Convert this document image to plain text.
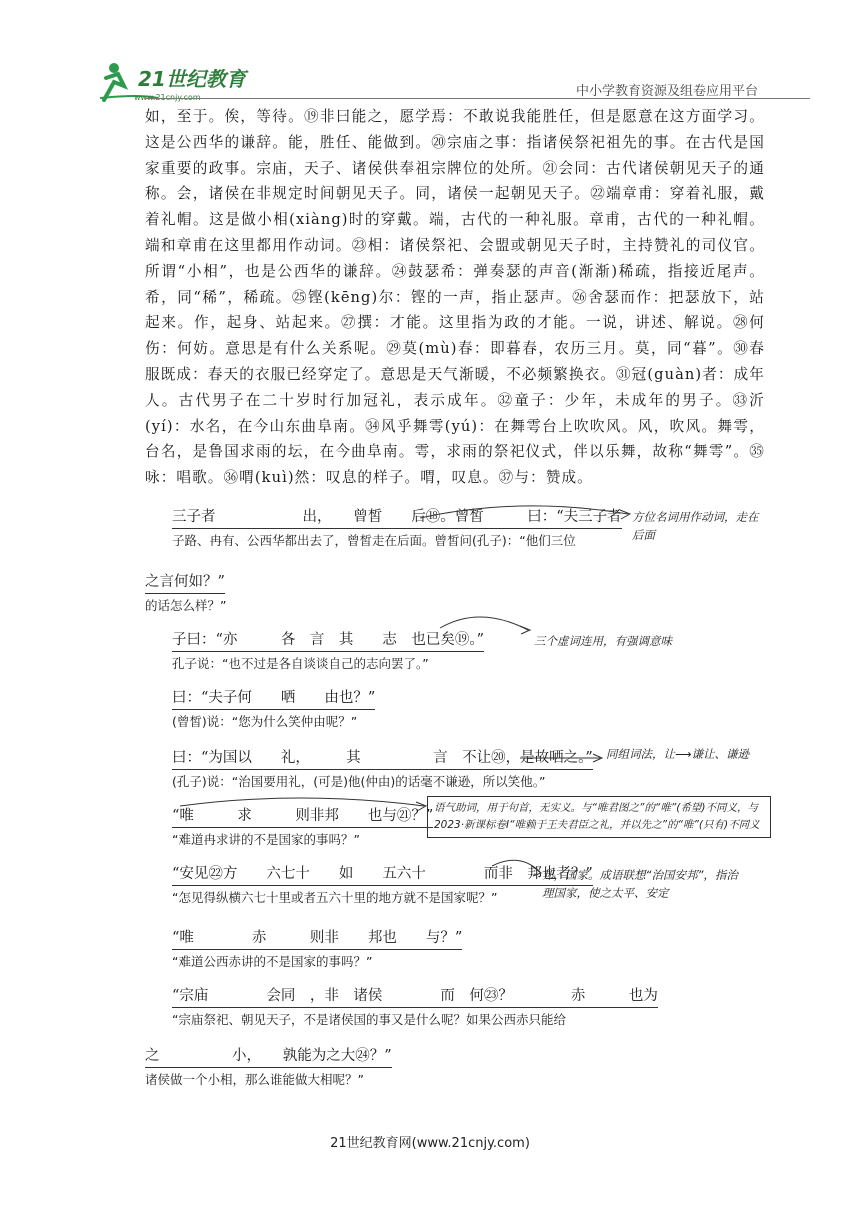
21世纪教育
www.21cnjy.com	中小学教育资源及组卷应用平台

如，至于。俟，等待。⑲非曰能之，愿学焉：不敢说我能胜任，但是愿意在这方面学习。这是公西华的谦辞。能，胜任、能做到。⑳宗庙之事：指诸侯祭祀祖先的事。在古代是国家重要的政事。宗庙，天子、诸侯供奉祖宗牌位的处所。㉑会同：古代诸侯朝见天子的通称。会，诸侯在非规定时间朝见天子。同，诸侯一起朝见天子。㉒端章甫：穿着礼服，戴着礼帽。这是做小相(xiàng)时的穿戴。端，古代的一种礼服。章甫，古代的一种礼帽。端和章甫在这里都用作动词。㉓相：诸侯祭祀、会盟或朝见天子时，主持赞礼的司仪官。所谓“小相”，也是公西华的谦辞。㉔鼓瑟希：弹奏瑟的声音(渐渐)稀疏，指接近尾声。希，同“稀”，稀疏。㉕铿(kēng)尔：铿的一声，指止瑟声。㉖舍瑟而作：把瑟放下，站起来。作，起身、站起来。㉗撰：才能。这里指为政的才能。一说，讲述、解说。㉘何伤：何妨。意思是有什么关系呢。㉙莫(mù)春：即暮春，农历三月。莫，同“暮”。㉚春服既成：春天的衣服已经穿定了。意思是天气渐暖，不必频繁换衣。㉛冠(guàn)者：成年人。古代男子在二十岁时行加冠礼，表示成年。㉜童子：少年，未成年的男子。㉝沂(yí)：水名，在今山东曲阜南。㉞风乎舞雩(yú)：在舞雩台上吹吹风。风，吹风。舞雩，台名，是鲁国求雨的坛，在今曲阜南。雩，求雨的祭祀仪式，伴以乐舞，故称“舞雩”。㉟咏：唱歌。㊱喟(kuì)然：叹息的样子。喟，叹息。㊲与：赞成。

三子者　　　　　　出，　　曾皙　　后⑱。曾皙　　　曰：“夫三子者
子路、冉有、公西华都出去了，曾皙走在后面。曾皙问(孔子)：“他们三位
之言何如？”
的话怎么样？”
子曰：“亦　　　各　言　其　　志　也已矣⑲。”
孔子说：“也不过是各自谈谈自己的志向罢了。”
曰：“夫子何　　哂　　由也？”
(曾皙)说：“您为什么笑仲由呢？”
曰：“为国以　　礼，　　　其　　　　　言　不让⑳，是故哂之。”
(孔子)说：“治国要用礼，(可是)他(仲由)的话毫不谦逊，所以笑他。”
“唯　　　求　　　则非邦　　也与㉑？”
“难道冉求讲的不是国家的事吗？”
“安见㉒方　　六七十　　如　　五六十　　　　而非　邦也者？”
“怎见得纵横六七十里或者五六十里的地方就不是国家呢？”
“唯　　　　赤　　　则非　　邦也　　与？”
“难道公西赤讲的不是国家的事吗？”
“宗庙　　　　会同　，非　诸侯　　　　而　何㉓？　　　　赤　　　也为
“宗庙祭祀、朝见天子，不是诸侯国的事又是什么呢？如果公西赤只能给
之　　　　　小，　　孰能为之大㉔？”
诸侯做一个小相，那么谁能做大相呢？”
方位名词用作动词，走在后面
三个虚词连用，有强调意味
同组词法，让⟶谦让、谦逊
语气助词，用于句首，无实义。与“唯君图之”的“唯”(希望)不同义，与2023·新课标卷Ⅰ“唯赖于王夫君臣之礼，并以先之”的“唯”(只有)不同义
邦，国家。成语联想“治国安邦”，指治理国家，使之太平、安定
21世纪教育网(www.21cnjy.com)
